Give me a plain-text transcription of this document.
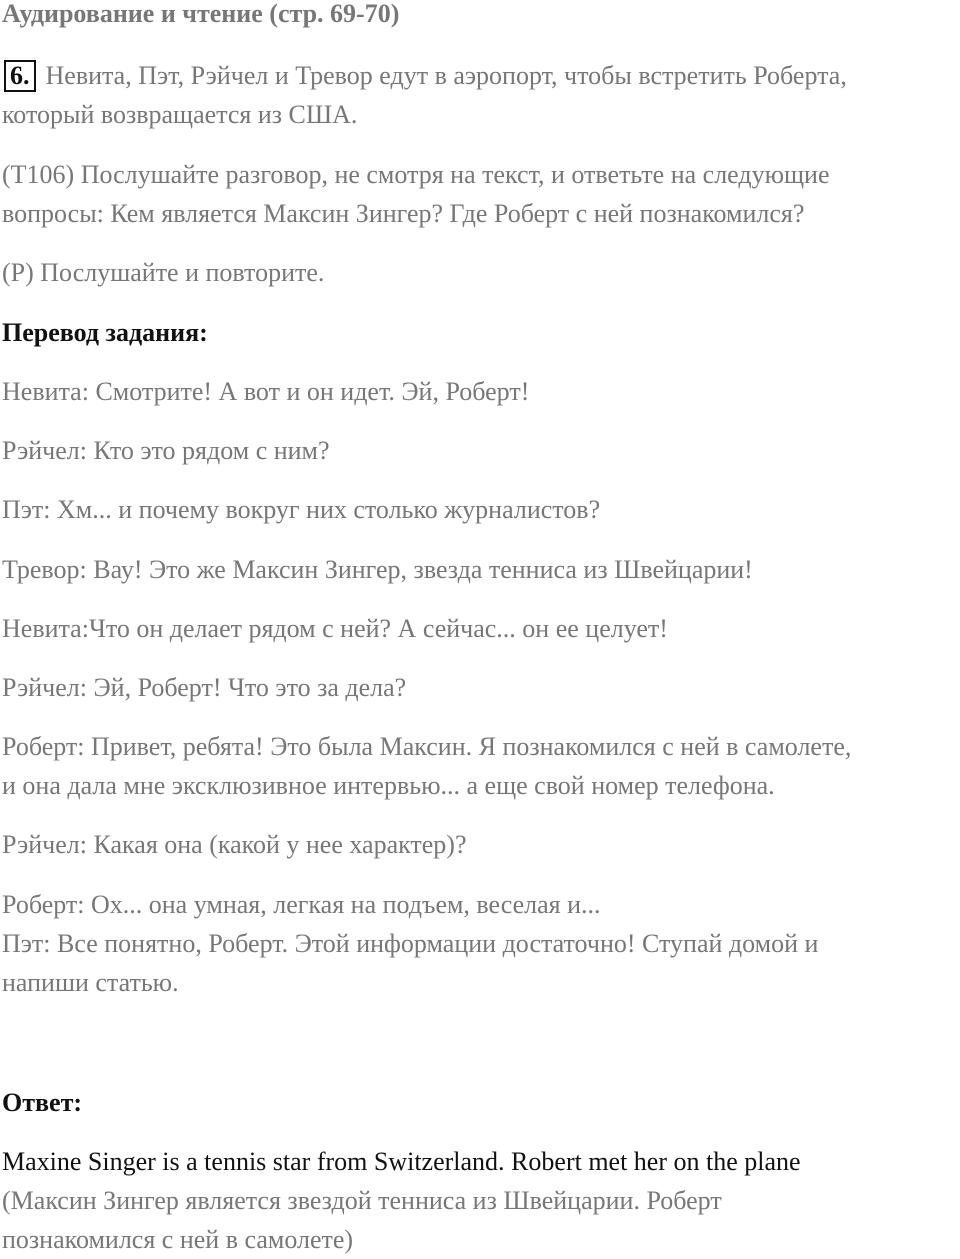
Аудирование и чтение (стр. 69-70)
6. Невита, Пэт, Рэйчел и Тревор едут в аэропорт, чтобы встретить Роберта,
который возвращается из США.
(T106) Послушайте разговор, не смотря на текст, и ответьте на следующие
вопросы: Кем является Максин Зингер? Где Роберт с ней познакомился?
(P) Послушайте и повторите.
Перевод задания:
Невита: Смотрите! А вот и он идет. Эй, Роберт!
Рэйчел: Кто это рядом с ним?
Пэт: Хм... и почему вокруг них столько журналистов?
Тревор: Вау! Это же Максин Зингер, звезда тенниса из Швейцарии!
Невита:Что он делает рядом с ней? А сейчас... он ее целует!
Рэйчел: Эй, Роберт! Что это за дела?
Роберт: Привет, ребята! Это была Максин. Я познакомился с ней в самолете,
и она дала мне эксклюзивное интервью... а еще свой номер телефона.
Рэйчел: Какая она (какой у нее характер)?
Роберт: Ох... она умная, легкая на подъем, веселая и...
Пэт: Все понятно, Роберт. Этой информации достаточно! Ступай домой и
напиши статью.
Ответ:
Maxine Singer is a tennis star from Switzerland. Robert met her on the plane
(Максин Зингер является звездой тенниса из Швейцарии. Роберт
познакомился с ней в самолете)
